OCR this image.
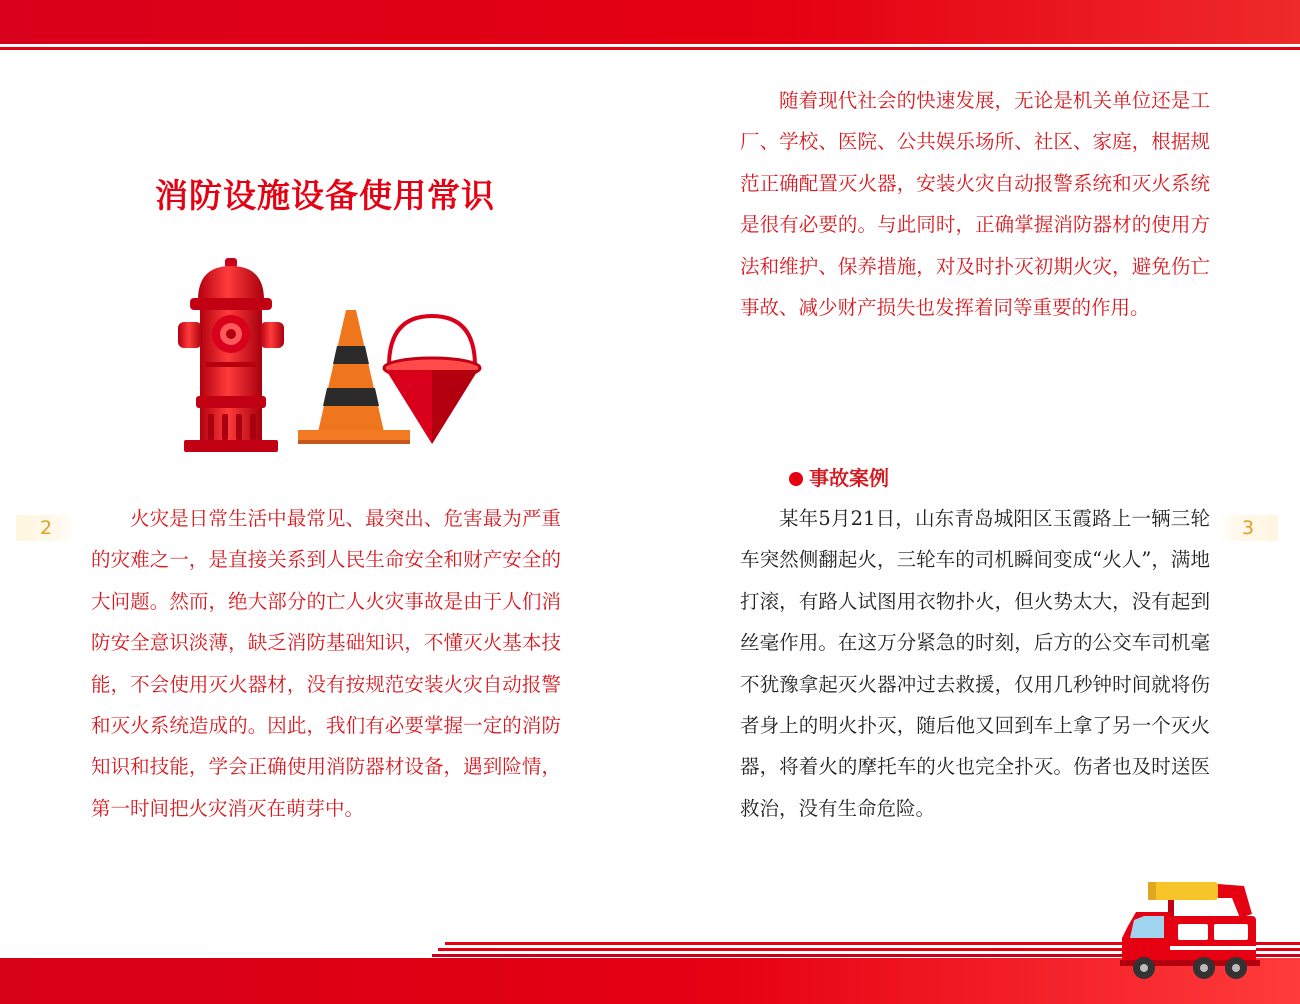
2	3
消防设施设备使用常识

火灾是日常生活中最常见、最突出、危害最为严重的灾难之一，是直接关系到人民生命安全和财产安全的大问题。然而，绝大部分的亡人火灾事故是由于人们消防安全意识淡薄，缺乏消防基础知识，不懂灭火基本技能，不会使用灭火器材，没有按规范安装火灾自动报警和灭火系统造成的。因此，我们有必要掌握一定的消防知识和技能，学会正确使用消防器材设备，遇到险情，第一时间把火灾消灭在萌芽中。

随着现代社会的快速发展，无论是机关单位还是工厂、学校、医院、公共娱乐场所、社区、家庭，根据规范正确配置灭火器，安装火灾自动报警系统和灭火系统是很有必要的。与此同时，正确掌握消防器材的使用方法和维护、保养措施，对及时扑灭初期火灾，避免伤亡事故、减少财产损失也发挥着同等重要的作用。

事故案例

某年5月21日，山东青岛城阳区玉霞路上一辆三轮车突然侧翻起火，三轮车的司机瞬间变成“火人”，满地打滚，有路人试图用衣物扑火，但火势太大，没有起到丝毫作用。在这万分紧急的时刻，后方的公交车司机毫不犹豫拿起灭火器冲过去救援，仅用几秒钟时间就将伤者身上的明火扑灭，随后他又回到车上拿了另一个灭火器，将着火的摩托车的火也完全扑灭。伤者也及时送医救治，没有生命危险。
